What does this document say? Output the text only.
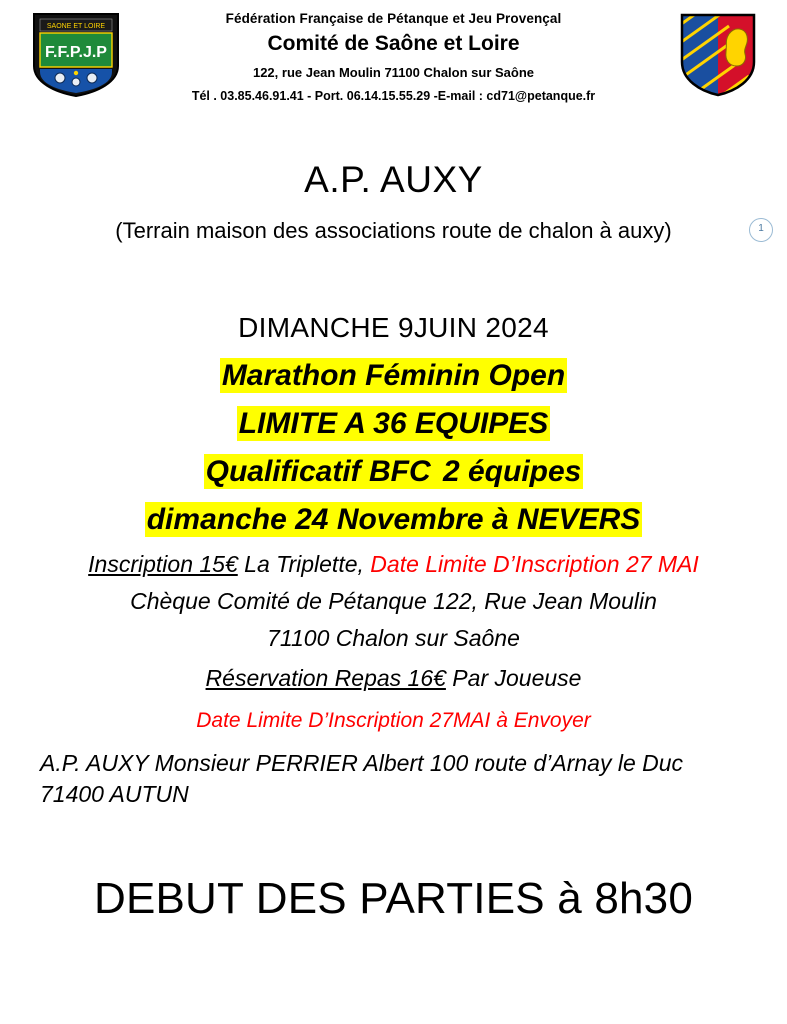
SAONE ET LOIRE
F.F.P.J.P
Fédération Française de Pétanque et Jeu Provençal
Comité de Saône et Loire
122, rue Jean Moulin 71100 Chalon sur Saône
Tél . 03.85.46.91.41 - Port. 06.14.15.55.29 -E-mail : cd71@petanque.fr
1
A.P. AUXY
(Terrain maison des associations route de chalon à auxy)
DIMANCHE 9JUIN 2024
Marathon Féminin Open
LIMITE A 36 EQUIPES
Qualificatif BFC 2 équipes
dimanche 24 Novembre à NEVERS
Inscription 15€ La Triplette, Date Limite D’Inscription 27 MAI
Chèque Comité de Pétanque 122, Rue Jean Moulin
71100 Chalon sur Saône
Réservation Repas 16€ Par Joueuse
Date Limite D’Inscription 27MAI à Envoyer
A.P. AUXY Monsieur PERRIER Albert 100 route d’Arnay le Duc 71400 AUTUN
DEBUT DES PARTIES à 8h30
